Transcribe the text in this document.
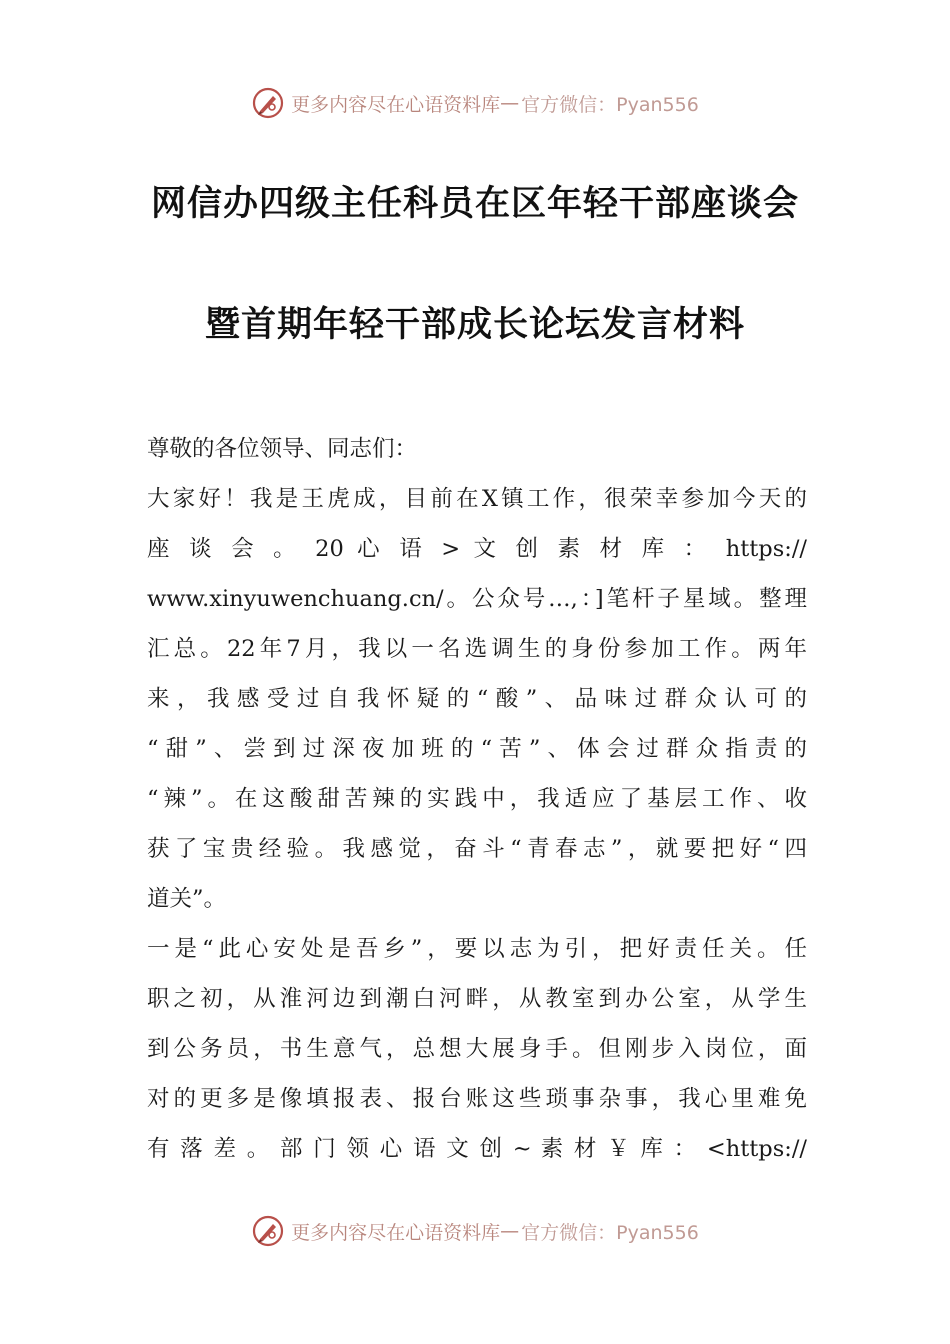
更多内容尽在心语资料库 — 官方微信：Pyan556
网信办四级主任科员在区年轻干部座谈会
暨首期年轻干部成长论坛发言材料
尊敬的各位领导、同志们：
大家好！我是王虎成，目前在X镇工作，很荣幸参加今天的
座 谈 会 。 20 心 语 > 文 创 素 材 库 ： https://
www.xinyuwenchuang.cn/。公众号…,：]笔杆子星域。整理
汇总。22年7月，我以一名选调生的身份参加工作。两年
来，我感受过自我怀疑的“酸”、品味过群众认可的
“甜”、尝到过深夜加班的“苦”、体会过群众指责的
“辣”。在这酸甜苦辣的实践中，我适应了基层工作、收
获了宝贵经验。我感觉，奋斗“青春志”，就要把好“四
道关”。
一是“此心安处是吾乡”，要以志为引，把好责任关。任
职之初，从淮河边到潮白河畔，从教室到办公室，从学生
到公务员，书生意气，总想大展身手。但刚步入岗位，面
对的更多是像填报表、报台账这些琐事杂事，我心里难免
有 落 差 。 部 门 领 心 语 文 创 ~ 素 材 ￥ 库 ： <https://
更多内容尽在心语资料库 — 官方微信：Pyan556
